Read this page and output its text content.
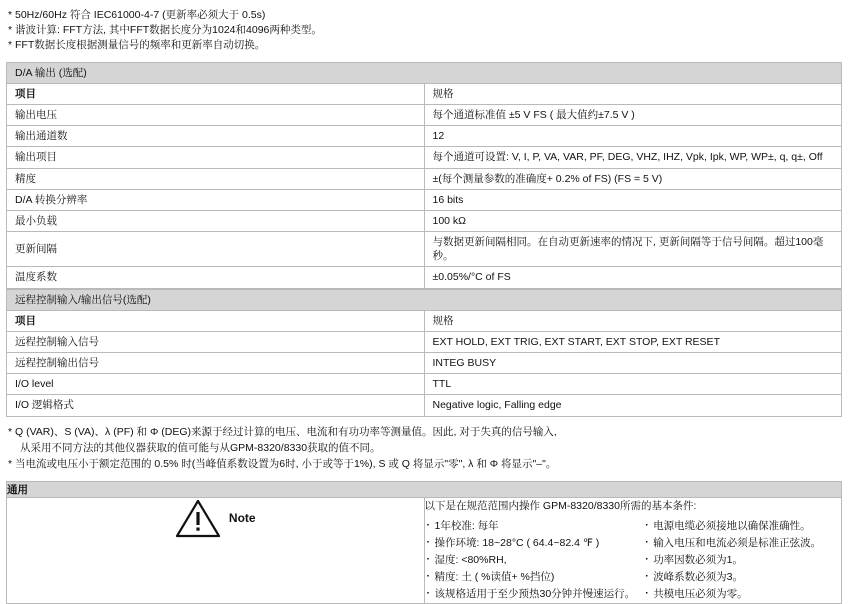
* 50Hz/60Hz 符合 IEC61000-4-7 (更新率必须大于 0.5s)
* 谐波计算: FFT方法, 其中FFT数据长度分为1024和4096两种类型。
* FFT数据长度根据测量信号的频率和更新率自动切换。
D/A 输出 (选配)	
项目	规格
输出电压	每个通道标准值 ±5 V FS ( 最大值约±7.5 V )
输出通道数	12
输出项目	每个通道可设置: V, I, P, VA, VAR, PF, DEG, VHZ, IHZ, Vpk, Ipk, WP, WP±, q, q±, Off
精度	±(每个测量参数的准确度+ 0.2% of FS) (FS = 5 V)
D/A 转换分辨率	16 bits
最小负载	100 kΩ
更新间隔	与数据更新间隔相同。在自动更新速率的情况下, 更新间隔等于信号间隔。超过100毫秒。
温度系数	±0.05%/°C of FS
远程控制输入/输出信号(选配)	
项目	规格
远程控制输入信号	EXT HOLD, EXT TRIG, EXT START, EXT STOP, EXT RESET
远程控制输出信号	INTEG BUSY
I/O level	TTL
I/O 逻辑格式	Negative logic, Falling edge
* Q (VAR)、S (VA)、λ (PF) 和 Φ (DEG)来源于经过计算的电压、电流和有功功率等测量值。因此, 对于失真的信号输入,
从采用不同方法的其他仪器获取的值可能与从GPM-8320/8330获取的值不同。
* 当电流或电压小于额定范围的 0.5% 时(当峰值系数设置为6时, 小于或等于1%), S 或 Q 将显示"零", λ 和 Φ 将显示"–"。
通用

Note

以下是在规范范围内操作 GPM-8320/8330所需的基本条件:
· 1年校准: 每年
· 操作环境: 18~28°C ( 64.4~82.4 ℉ )
· 湿度: <80%RH,
· 精度: 土 ( %读值+ %挡位)
· 该规格适用于至少预热30分钟并慢速运行。
· 电源电缆必须接地以确保准确性。
· 输入电压和电流必须是标准正弦波。
· 功率因数必须为1。
· 波峰系数必须为3。
· 共模电压必须为零。
